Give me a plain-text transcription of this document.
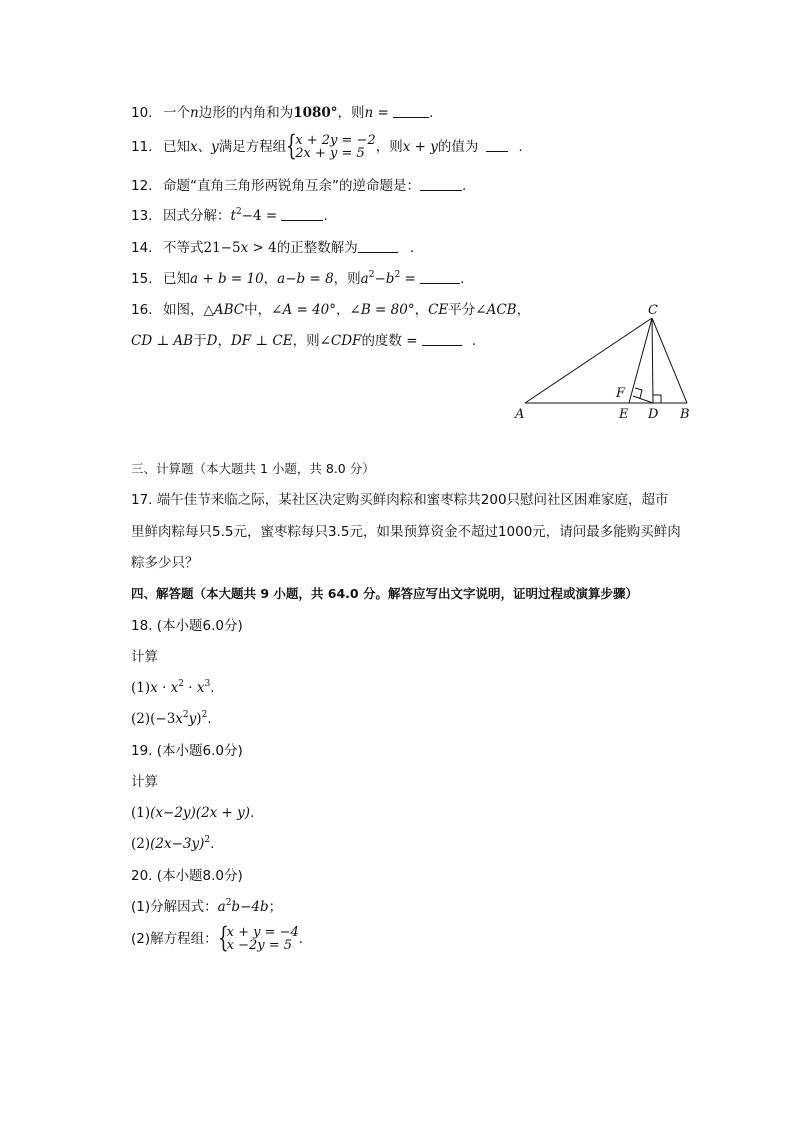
10. 一个n边形的内角和为1080°，则n =	.
11. 已知x、y满足方程组 {
x + 2y = −2
2x + y = 5 ，则x + y的值为	.
12. 命题“直角三角形两锐角互余”的逆命题是：	.
13. 因式分解：$t^2-4$ =	.
14. 不等式21−5x > 4的正整数解为	.
15. 已知a + b = 10，a−b = 8，则$a^2-b^2$ =	.
16. 如图，△ABC中，∠A = 40°，∠B = 80°，CE平分∠ACB，
CD ⊥ AB于D，DF ⊥ CE，则∠CDF的度数 =	.
C
F
A	E D B
三、计算题（本大题共 1 小题，共 8.0 分）
17. 端午佳节来临之际，某社区决定购买鲜肉粽和蜜枣粽共200只慰问社区困难家庭，超市
里鲜肉粽每只5.5元，蜜枣粽每只3.5元，如果预算资金不超过1000元，请问最多能购买鲜肉
粽多少只？
四、解答题（本大题共 9 小题，共 64.0 分。解答应写出文字说明，证明过程或演算步骤）
18. (本小题6.0分)
计算
$(1)x \cdot x^2 \cdot x^3$.
$(2)(-3x^2y)^2$.
19. (本小题6.0分)
计算
(1)(x−2y)(2x + y).
$(2)(2x-3y)^2$.
20. (本小题8.0分)
(1)分解因式：$a^2b-4b$；
(2)解方程组： {
x + y = −4
x −2y = 5 .
